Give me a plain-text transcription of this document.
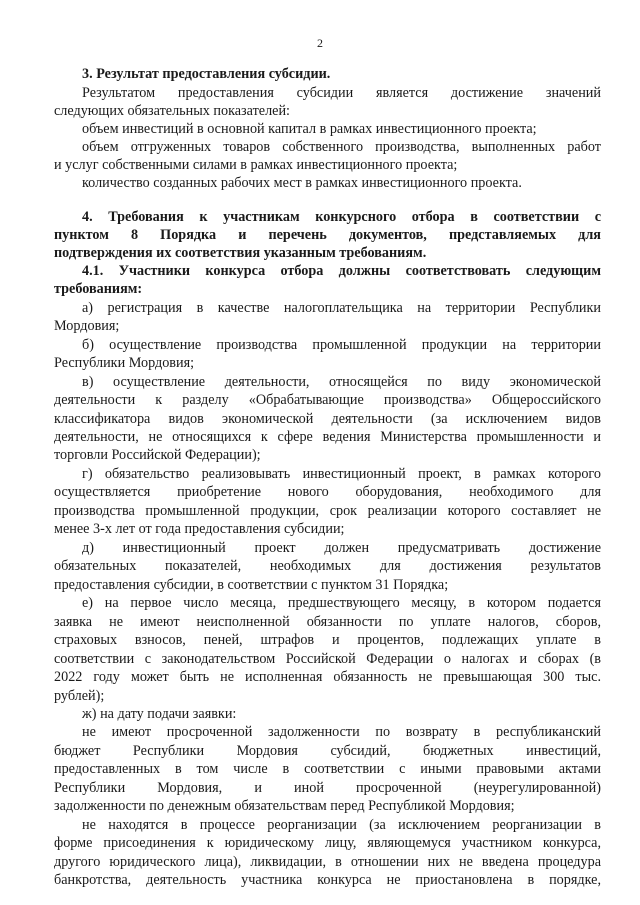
2
3. Результат предоставления субсидии.
Результатом предоставления субсидии является достижение значений
следующих обязательных показателей:
объем инвестиций в основной капитал в рамках инвестиционного проекта;
объем отгруженных товаров собственного производства, выполненных работ
и услуг собственными силами в рамках инвестиционного проекта;
количество созданных рабочих мест в рамках инвестиционного проекта.
4. Требования к участникам конкурсного отбора в соответствии с
пунктом 8 Порядка и перечень документов, представляемых для
подтверждения их соответствия указанным требованиям.
4.1. Участники конкурса отбора должны соответствовать следующим
требованиям:
а) регистрация в качестве налогоплательщика на территории Республики
Мордовия;
б) осуществление производства промышленной продукции на территории
Республики Мордовия;
в) осуществление деятельности, относящейся по виду экономической
деятельности к разделу «Обрабатывающие производства» Общероссийского
классификатора видов экономической деятельности (за исключением видов
деятельности, не относящихся к сфере ведения Министерства промышленности и
торговли Российской Федерации);
г) обязательство реализовывать инвестиционный проект, в рамках которого
осуществляется приобретение нового оборудования, необходимого для
производства промышленной продукции, срок реализации которого составляет не
менее 3-х лет от года предоставления субсидии;
д) инвестиционный проект должен предусматривать достижение
обязательных показателей, необходимых для достижения результатов
предоставления субсидии, в соответствии с пунктом 31 Порядка;
е) на первое число месяца, предшествующего месяцу, в котором подается
заявка не имеют неисполненной обязанности по уплате налогов, сборов,
страховых взносов, пеней, штрафов и процентов, подлежащих уплате в
соответствии с законодательством Российской Федерации о налогах и сборах (в
2022 году может быть не исполненная обязанность не превышающая 300 тыс.
рублей);
ж) на дату подачи заявки:
не имеют просроченной задолженности по возврату в республиканский
бюджет Республики Мордовия субсидий, бюджетных инвестиций,
предоставленных в том числе в соответствии с иными правовыми актами
Республики Мордовия, и иной просроченной (неурегулированной)
задолженности по денежным обязательствам перед Республикой Мордовия;
не находятся в процессе реорганизации (за исключением реорганизации в
форме присоединения к юридическому лицу, являющемуся участником конкурса,
другого юридического лица), ликвидации, в отношении них не введена процедура
банкротства, деятельность участника конкурса не приостановлена в порядке,
